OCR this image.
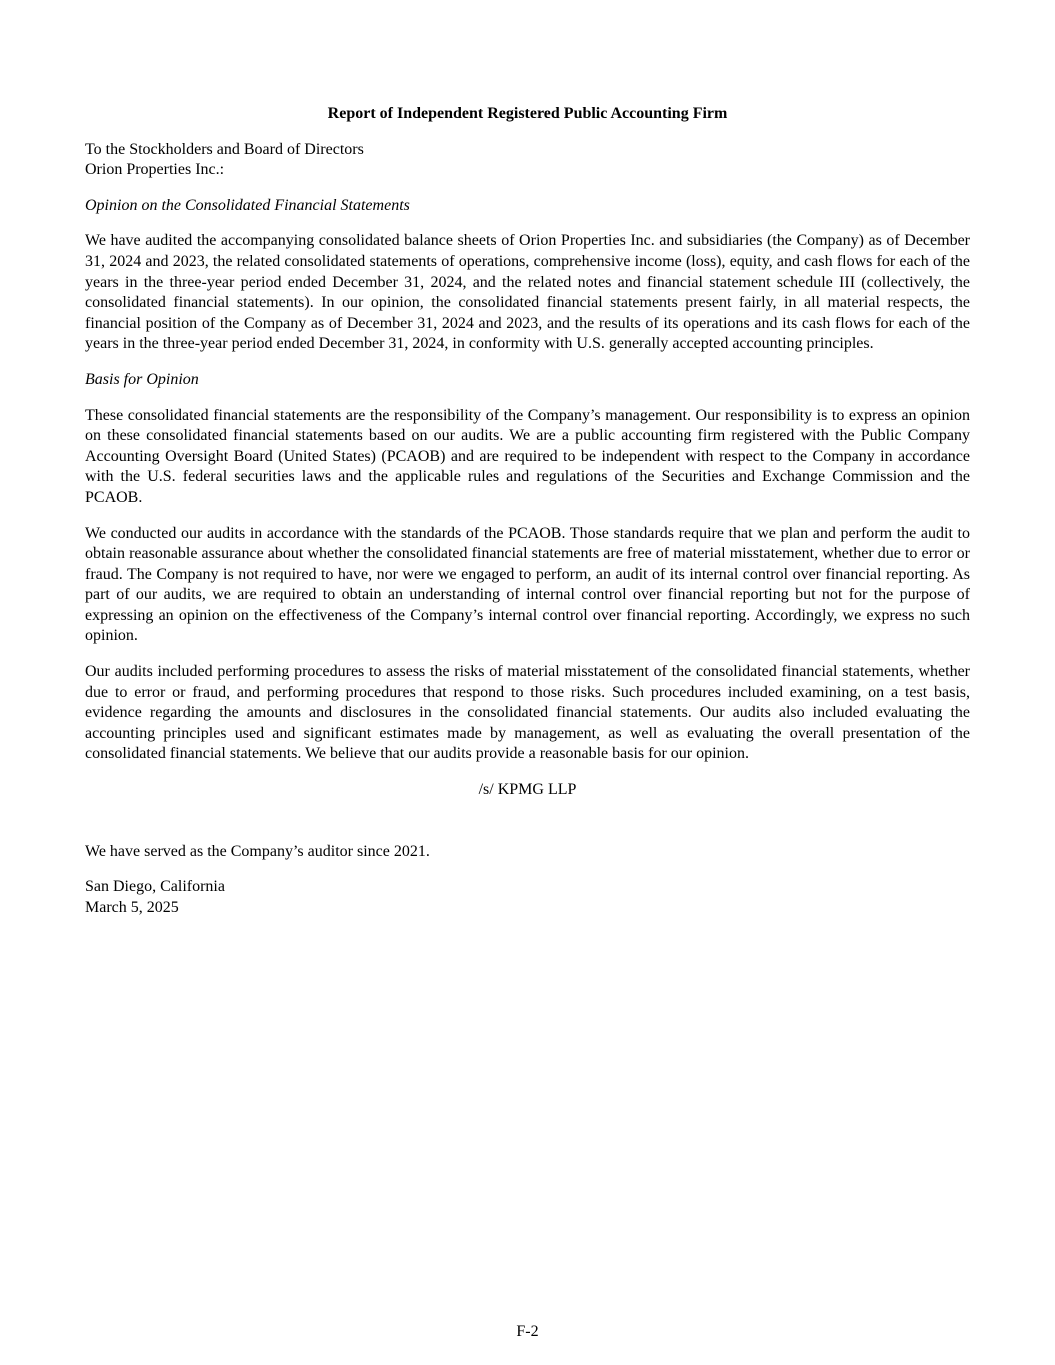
Report of Independent Registered Public Accounting Firm
To the Stockholders and Board of Directors
Orion Properties Inc.:
Opinion on the Consolidated Financial Statements

We have audited the accompanying consolidated balance sheets of Orion Properties Inc. and subsidiaries (the Company) as of December 31, 2024 and 2023, the related consolidated statements of operations, comprehensive income (loss), equity, and cash flows for each of the years in the three-year period ended December 31, 2024, and the related notes and financial statement schedule III (collectively, the consolidated financial statements). In our opinion, the consolidated financial statements present fairly, in all material respects, the financial position of the Company as of December 31, 2024 and 2023, and the results of its operations and its cash flows for each of the years in the three-year period ended December 31, 2024, in conformity with U.S. generally accepted accounting principles.

Basis for Opinion

These consolidated financial statements are the responsibility of the Company’s management. Our responsibility is to express an opinion on these consolidated financial statements based on our audits. We are a public accounting firm registered with the Public Company Accounting Oversight Board (United States) (PCAOB) and are required to be independent with respect to the Company in accordance with the U.S. federal securities laws and the applicable rules and regulations of the Securities and Exchange Commission and the PCAOB.

We conducted our audits in accordance with the standards of the PCAOB. Those standards require that we plan and perform the audit to obtain reasonable assurance about whether the consolidated financial statements are free of material misstatement, whether due to error or fraud. The Company is not required to have, nor were we engaged to perform, an audit of its internal control over financial reporting. As part of our audits, we are required to obtain an understanding of internal control over financial reporting but not for the purpose of expressing an opinion on the effectiveness of the Company’s internal control over financial reporting. Accordingly, we express no such opinion.

Our audits included performing procedures to assess the risks of material misstatement of the consolidated financial statements, whether due to error or fraud, and performing procedures that respond to those risks. Such procedures included examining, on a test basis, evidence regarding the amounts and disclosures in the consolidated financial statements. Our audits also included evaluating the accounting principles used and significant estimates made by management, as well as evaluating the overall presentation of the consolidated financial statements. We believe that our audits provide a reasonable basis for our opinion.

/s/ KPMG LLP
We have served as the Company’s auditor since 2021.
San Diego, California
March 5, 2025
F-2
